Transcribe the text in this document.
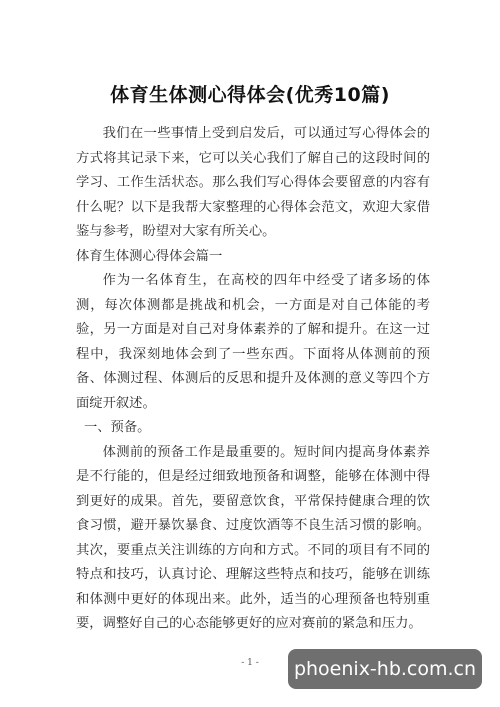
体育生体测心得体会(优秀10篇)

我们在一些事情上受到启发后，可以通过写心得体会的方式将其记录下来，它可以关心我们了解自己的这段时间的学习、工作生活状态。那么我们写心得体会要留意的内容有什么呢？以下是我帮大家整理的心得体会范文，欢迎大家借鉴与参考，盼望对大家有所关心。

体育生体测心得体会篇一

作为一名体育生，在高校的四年中经受了诸多场的体测，每次体测都是挑战和机会，一方面是对自己体能的考验，另一方面是对自己对身体素养的了解和提升。在这一过程中，我深刻地体会到了一些东西。下面将从体测前的预备、体测过程、体测后的反思和提升及体测的意义等四个方面绽开叙述。

一、预备。

体测前的预备工作是最重要的。短时间内提高身体素养是不行能的，但是经过细致地预备和调整，能够在体测中得到更好的成果。首先，要留意饮食，平常保持健康合理的饮食习惯，避开暴饮暴食、过度饮酒等不良生活习惯的影响。其次，要重点关注训练的方向和方式。不同的项目有不同的特点和技巧，认真讨论、理解这些特点和技巧，能够在训练和体测中更好的体现出来。此外，适当的心理预备也特别重要，调整好自己的心态能够更好的应对赛前的紧急和压力。

- 1 -	phoenix-hb.com.cn
